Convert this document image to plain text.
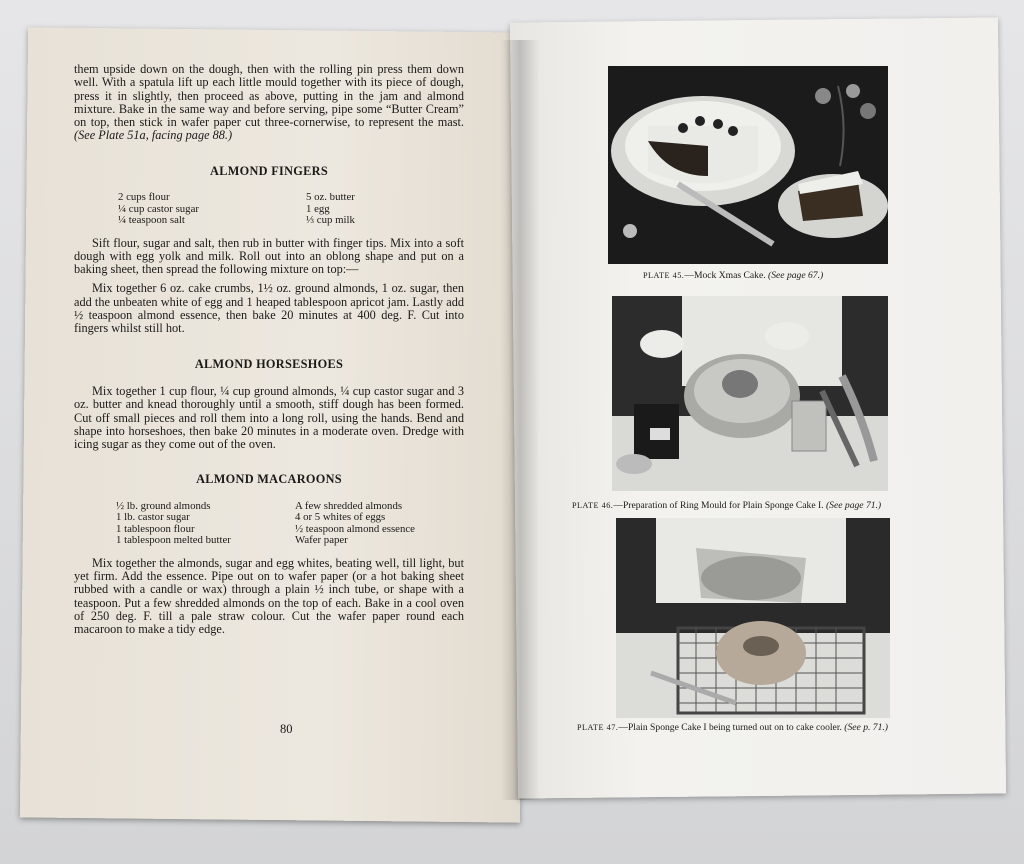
them upside down on the dough, then with the rolling pin press them down well. With a spatula lift up each little mould together with its piece of dough, press it in slightly, then proceed as above, putting in the jam and almond mixture. Bake in the same way and before serving, pipe some “Butter Cream” on top, then stick in wafer paper cut three-cornerwise, to represent the mast. (See Plate 51a, facing page 88.)

ALMOND FINGERS
2 cups flour
¼ cup castor sugar
¼ teaspoon salt
5 oz. butter
1 egg
⅓ cup milk

Sift flour, sugar and salt, then rub in butter with finger tips. Mix into a soft dough with egg yolk and milk. Roll out into an oblong shape and put on a baking sheet, then spread the following mixture on top:—

Mix together 6 oz. cake crumbs, 1½ oz. ground almonds, 1 oz. sugar, then add the unbeaten white of egg and 1 heaped tablespoon apricot jam. Lastly add ½ teaspoon almond essence, then bake 20 minutes at 400 deg. F. Cut into fingers whilst still hot.

ALMOND HORSESHOES

Mix together 1 cup flour, ¼ cup ground almonds, ¼ cup castor sugar and 3 oz. butter and knead thoroughly until a smooth, stiff dough has been formed. Cut off small pieces and roll them into a long roll, using the hands. Bend and shape into horseshoes, then bake 20 minutes in a moderate oven. Dredge with icing sugar as they come out of the oven.

ALMOND MACAROONS
½ lb. ground almonds
1 lb. castor sugar
1 tablespoon flour
1 tablespoon melted butter
A few shredded almonds
4 or 5 whites of eggs
½ teaspoon almond essence
Wafer paper

Mix together the almonds, sugar and egg whites, beating well, till light, but yet firm. Add the essence. Pipe out on to wafer paper (or a hot baking sheet rubbed with a candle or wax) through a plain ½ inch tube, or shape with a teaspoon. Put a few shredded almonds on the top of each. Bake in a cool oven of 250 deg. F. till a pale straw colour. Cut the wafer paper round each macaroon to make a tidy edge.

80
PLATE 45.—Mock Xmas Cake. (See page 67.)
PLATE 46.—Preparation of Ring Mould for Plain Sponge Cake I. (See page 71.)
PLATE 47.—Plain Sponge Cake I being turned out on to cake cooler. (See p. 71.)
